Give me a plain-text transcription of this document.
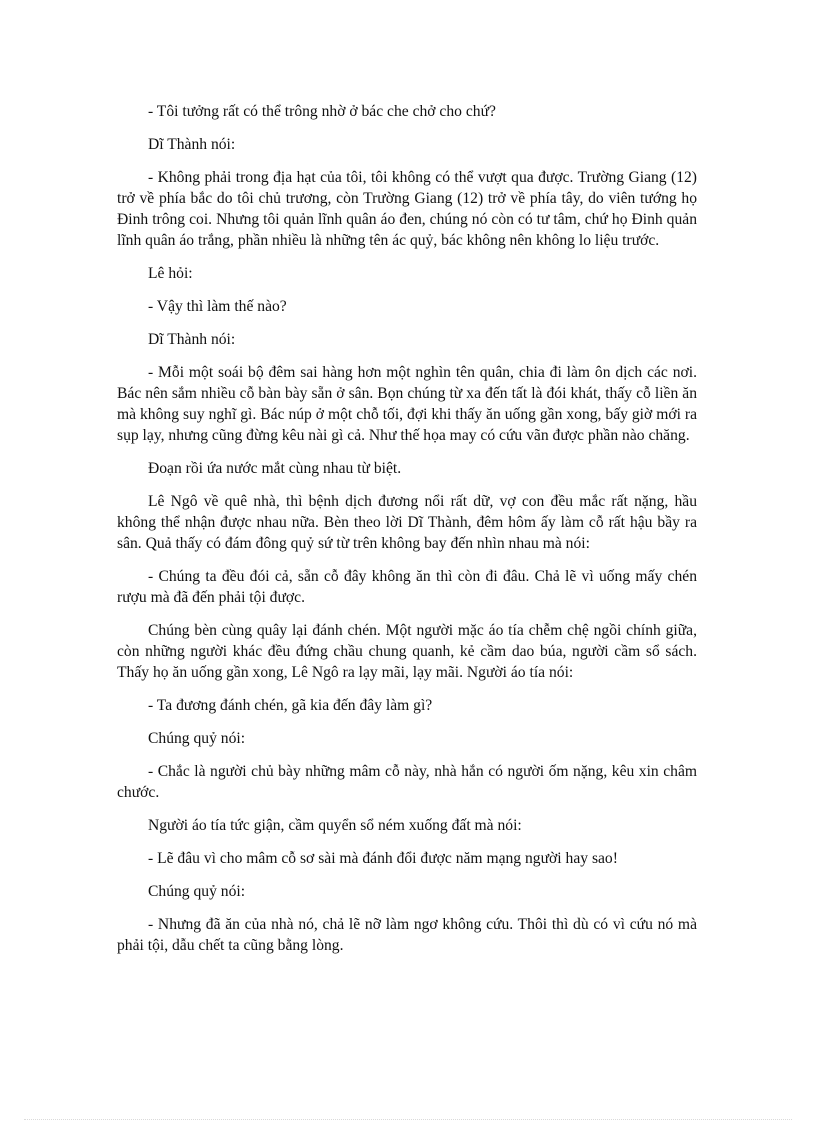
- Tôi tưởng rất có thể trông nhờ ở bác che chở cho chứ?

Dĩ Thành nói:

- Không phải trong địa hạt của tôi, tôi không có thể vượt qua được. Trường Giang (12) trở về phía bắc do tôi chủ trương, còn Trường Giang (12) trở về phía tây, do viên tướng họ Đinh trông coi. Nhưng tôi quản lĩnh quân áo đen, chúng nó còn có tư tâm, chứ họ Đinh quản lĩnh quân áo trắng, phần nhiều là những tên ác quỷ, bác không nên không lo liệu trước.

Lê hỏi:

- Vậy thì làm thế nào?

Dĩ Thành nói:

- Mỗi một soái bộ đêm sai hàng hơn một nghìn tên quân, chia đi làm ôn dịch các nơi. Bác nên sắm nhiều cỗ bàn bày sẵn ở sân. Bọn chúng từ xa đến tất là đói khát, thấy cỗ liền ăn mà không suy nghĩ gì. Bác núp ở một chỗ tối, đợi khi thấy ăn uống gần xong, bấy giờ mới ra sụp lạy, nhưng cũng đừng kêu nài gì cả. Như thế họa may có cứu vãn được phần nào chăng.

Đoạn rồi ứa nước mắt cùng nhau từ biệt.

Lê Ngô về quê nhà, thì bệnh dịch đương nổi rất dữ, vợ con đều mắc rất nặng, hầu không thể nhận được nhau nữa. Bèn theo lời Dĩ Thành, đêm hôm ấy làm cỗ rất hậu bầy ra sân. Quả thấy có đám đông quỷ sứ từ trên không bay đến nhìn nhau mà nói:

- Chúng ta đều đói cả, sẵn cỗ đây không ăn thì còn đi đâu. Chả lẽ vì uống mấy chén rượu mà đã đến phải tội được.

Chúng bèn cùng quây lại đánh chén. Một người mặc áo tía chễm chệ ngồi chính giữa, còn những người khác đều đứng chầu chung quanh, kẻ cầm dao búa, người cầm sổ sách. Thấy họ ăn uống gần xong, Lê Ngô ra lạy mãi, lạy mãi. Người áo tía nói:

- Ta đương đánh chén, gã kia đến đây làm gì?

Chúng quỷ nói:

- Chắc là người chủ bày những mâm cỗ này, nhà hắn có người ốm nặng, kêu xin châm chước.

Người áo tía tức giận, cầm quyển sổ ném xuống đất mà nói:

- Lẽ đâu vì cho mâm cỗ sơ sài mà đánh đổi được năm mạng người hay sao!

Chúng quỷ nói:

- Nhưng đã ăn của nhà nó, chả lẽ nỡ làm ngơ không cứu. Thôi thì dù có vì cứu nó mà phải tội, dẫu chết ta cũng bằng lòng.
